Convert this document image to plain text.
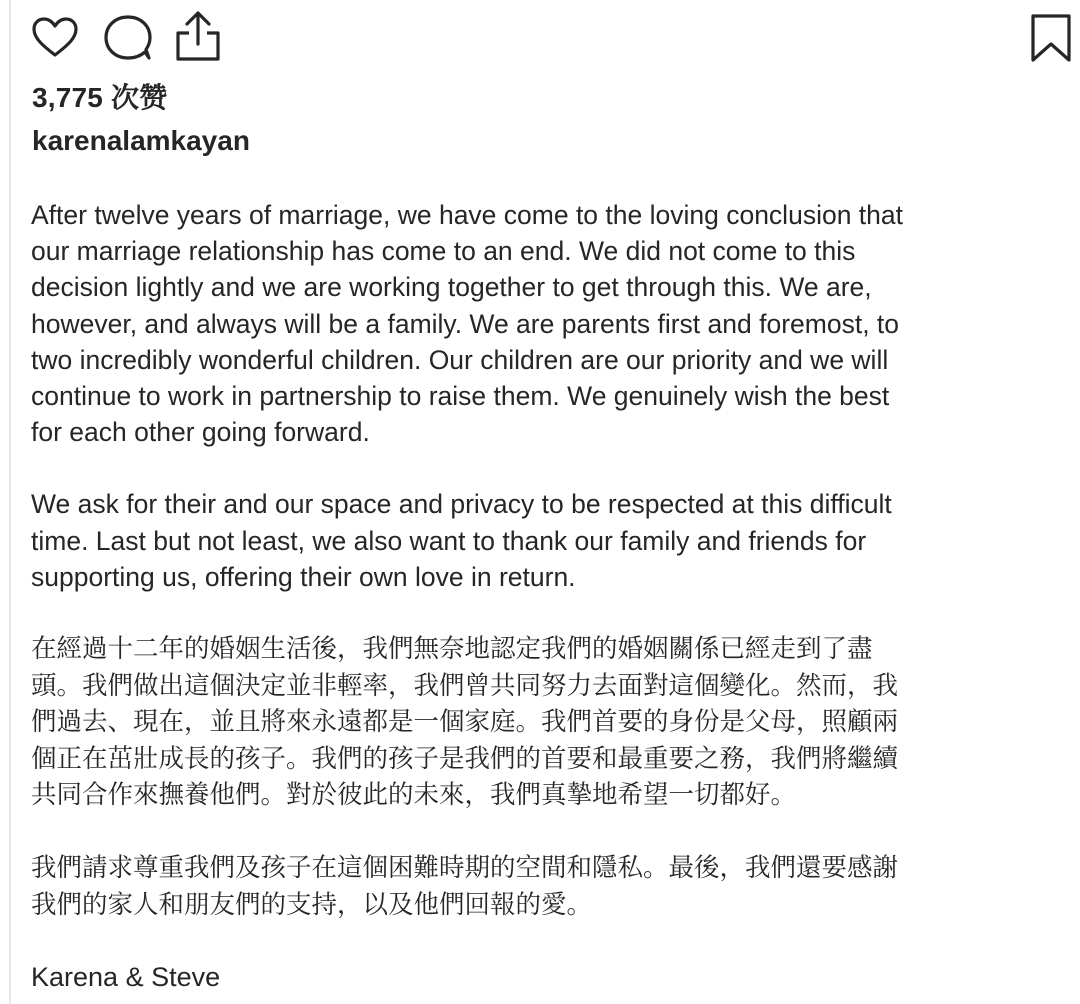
3,775 次赞
karenalamkayan

After twelve years of marriage, we have come to the loving conclusion that
our marriage relationship has come to an end. We did not come to this
decision lightly and we are working together to get through this. We are,
however, and always will be a family. We are parents first and foremost, to
two incredibly wonderful children. Our children are our priority and we will
continue to work in partnership to raise them. We genuinely wish the best
for each other going forward.

We ask for their and our space and privacy to be respected at this difficult
time. Last but not least, we also want to thank our family and friends for
supporting us, offering their own love in return.

在經過十二年的婚姻生活後，我們無奈地認定我們的婚姻關係已經走到了盡
頭。我們做出這個決定並非輕率，我們曾共同努力去面對這個變化。然而，我
們過去、現在，並且將來永遠都是一個家庭。我們首要的身份是父母，照顧兩
個正在茁壯成長的孩子。我們的孩子是我們的首要和最重要之務，我們將繼續
共同合作來撫養他們。對於彼此的未來，我們真摯地希望一切都好。

我們請求尊重我們及孩子在這個困難時期的空間和隱私。最後，我們還要感謝
我們的家人和朋友們的支持，以及他們回報的愛。

Karena & Steve
